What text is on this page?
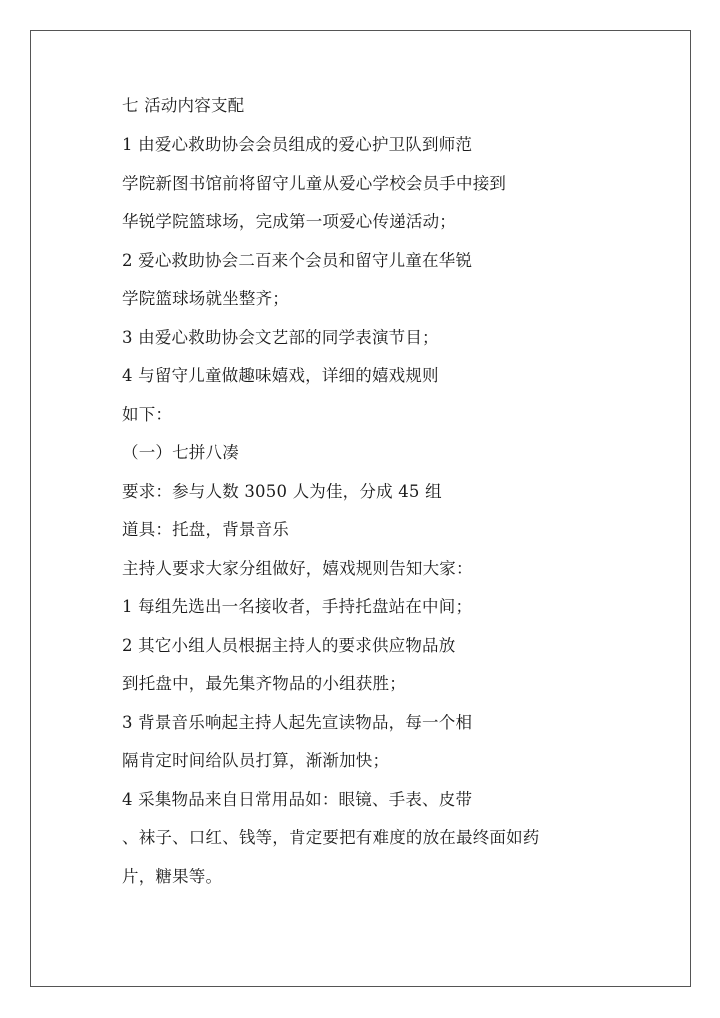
七 活动内容支配
1 由爱心救助协会会员组成的爱心护卫队到师范
学院新图书馆前将留守儿童从爱心学校会员手中接到
华锐学院篮球场，完成第一项爱心传递活动；
2 爱心救助协会二百来个会员和留守儿童在华锐
学院篮球场就坐整齐；
3 由爱心救助协会文艺部的同学表演节目；
4 与留守儿童做趣味嬉戏，详细的嬉戏规则
如下：
（一）七拼八凑
要求：参与人数 3050 人为佳，分成 45 组
道具：托盘，背景音乐
主持人要求大家分组做好，嬉戏规则告知大家：
1 每组先选出一名接收者，手持托盘站在中间；
2 其它小组人员根据主持人的要求供应物品放
到托盘中，最先集齐物品的小组获胜；
3 背景音乐响起主持人起先宣读物品，每一个相
隔肯定时间给队员打算，渐渐加快；
4 采集物品来自日常用品如：眼镜、手表、皮带
、袜子、口红、钱等，肯定要把有难度的放在最终面如药
片，糖果等。
